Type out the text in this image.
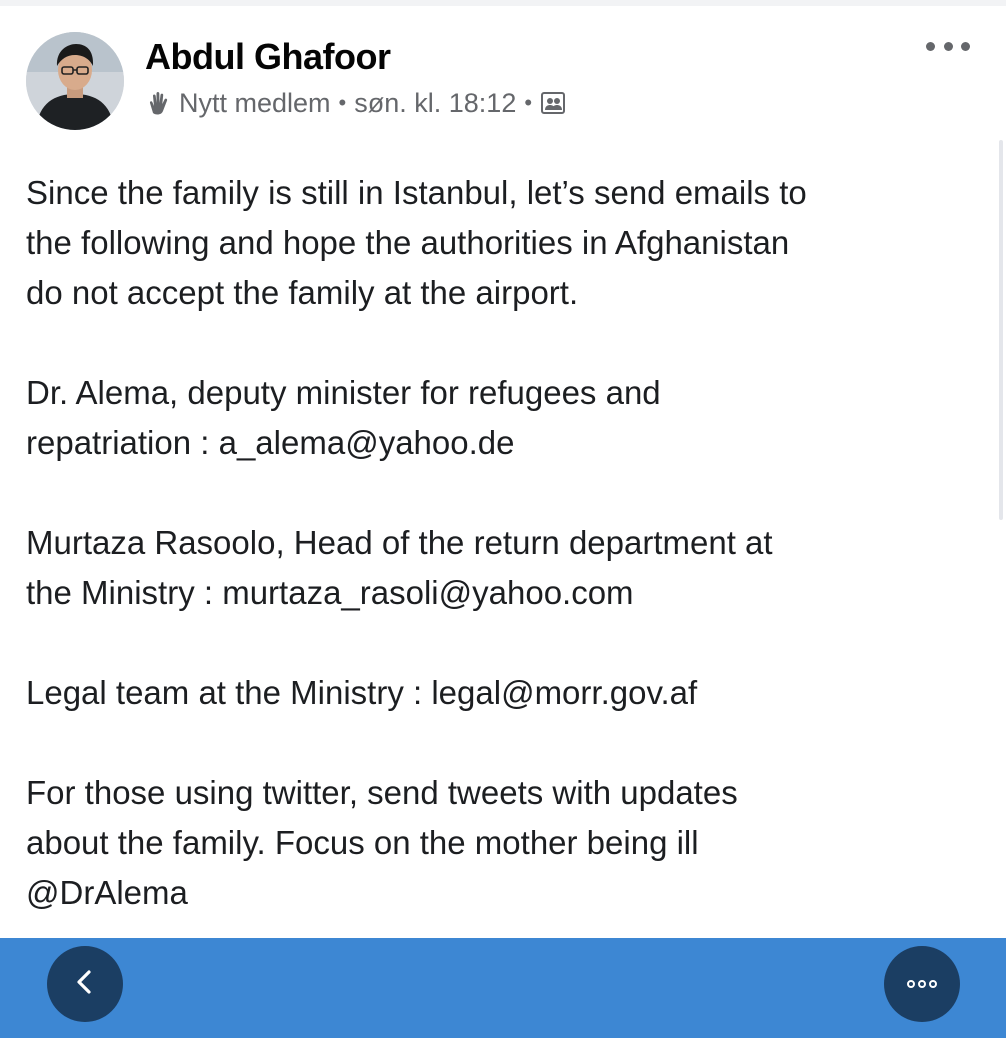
Abdul Ghafoor
Nytt medlem • søn. kl. 18:12 •

Since the family is still in Istanbul, let’s send emails to
the following and hope the authorities in Afghanistan
do not accept the family at the airport.

Dr. Alema, deputy minister for refugees and
repatriation : a_alema@yahoo.de

Murtaza Rasoolo, Head of the return department at
the Ministry : murtaza_rasoli@yahoo.com

Legal team at the Ministry : legal@morr.gov.af

For those using twitter, send tweets with updates
about the family. Focus on the mother being ill
@DrAlema
